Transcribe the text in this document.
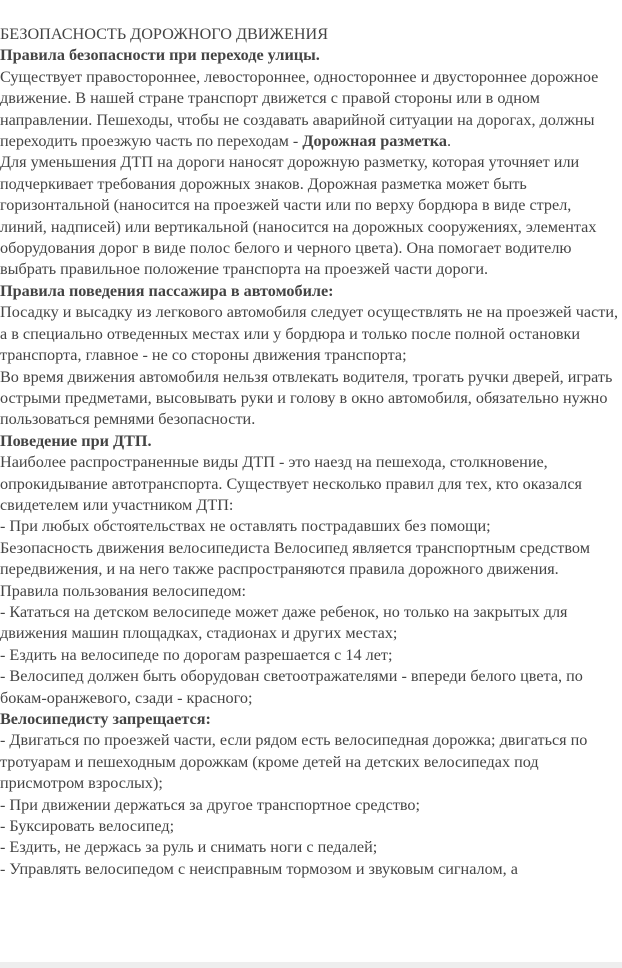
БЕЗОПАСНОСТЬ ДОРОЖНОГО ДВИЖЕНИЯ

Правила безопасности при переходе улицы.

Существует правостороннее, левостороннее, одностороннее и двустороннее дорожное движение. В нашей стране транспорт движется с правой стороны или в одном направлении. Пешеходы, чтобы не создавать аварийной ситуации на дорогах, должны переходить проезжую часть по переходам - Дорожная разметка.

Для уменьшения ДТП на дороги наносят дорожную разметку, которая уточняет или подчеркивает требования дорожных знаков. Дорожная разметка может быть горизонтальной (наносится на проезжей части или по верху бордюра в виде стрел, линий, надписей) или вертикальной (наносится на дорожных сооружениях, элементах оборудования дорог в виде полос белого и черного цвета). Она помогает водителю выбрать правильное положение транспорта на проезжей части дороги.

Правила поведения пассажира в автомобиле:

Посадку и высадку из легкового автомобиля следует осуществлять не на проезжей части, а в специально отведенных местах или у бордюра и только после полной остановки транспорта, главное - не со стороны движения транспорта;

Во время движения автомобиля нельзя отвлекать водителя, трогать ручки дверей, играть острыми предметами, высовывать руки и голову в окно автомобиля, обязательно нужно пользоваться ремнями безопасности.

Поведение при ДТП.

Наиболее распространенные виды ДТП - это наезд на пешехода, столкновение, опрокидывание автотранспорта. Существует несколько правил для тех, кто оказался свидетелем или участником ДТП:

- При любых обстоятельствах не оставлять пострадавших без помощи;

Безопасность движения велосипедиста Велосипед является транспортным средством передвижения, и на него также распространяются правила дорожного движения. Правила пользования велосипедом:

- Кататься на детском велосипеде может даже ребенок, но только на закрытых для движения машин площадках, стадионах и других местах;

- Ездить на велосипеде по дорогам разрешается с 14 лет;

- Велосипед должен быть оборудован светоотражателями - впереди белого цвета, по бокам-оранжевого, сзади - красного;

Велосипедисту запрещается:

- Двигаться по проезжей части, если рядом есть велосипедная дорожка; двигаться по тротуарам и пешеходным дорожкам (кроме детей на детских велосипедах под присмотром взрослых);

- При движении держаться за другое транспортное средство;

- Буксировать велосипед;

- Ездить, не держась за руль и снимать ноги с педалей;

- Управлять велосипедом с неисправным тормозом и звуковым сигналом, а
